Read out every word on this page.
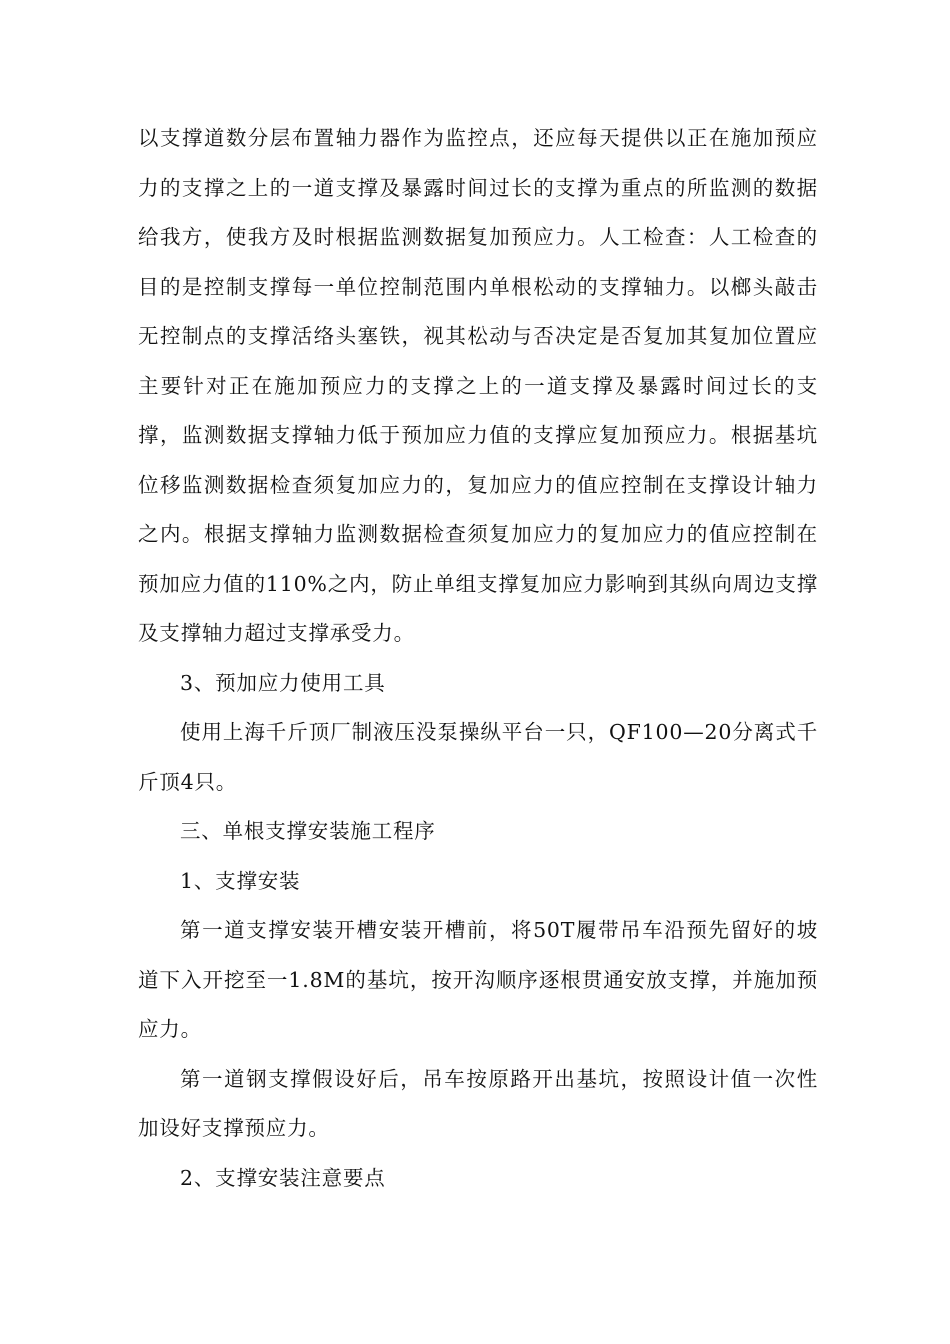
以支撑道数分层布置轴力器作为监控点，还应每天提供以正在施加预应力的支撑之上的一道支撑及暴露时间过长的支撑为重点的所监测的数据给我方，使我方及时根据监测数据复加预应力。人工检查：人工检查的目的是控制支撑每一单位控制范围内单根松动的支撑轴力。以榔头敲击无控制点的支撑活络头塞铁，视其松动与否决定是否复加其复加位置应主要针对正在施加预应力的支撑之上的一道支撑及暴露时间过长的支撑，监测数据支撑轴力低于预加应力值的支撑应复加预应力。根据基坑位移监测数据检查须复加应力的，复加应力的值应控制在支撑设计轴力之内。根据支撑轴力监测数据检查须复加应力的复加应力的值应控制在预加应力值的110%之内，防止单组支撑复加应力影响到其纵向周边支撑及支撑轴力超过支撑承受力。

3、预加应力使用工具

使用上海千斤顶厂制液压没泵操纵平台一只，QF100—20分离式千斤顶4只。

三、单根支撑安装施工程序

1、支撑安装

第一道支撑安装开槽安装开槽前，将50T履带吊车沿预先留好的坡道下入开挖至一1.8M的基坑，按开沟顺序逐根贯通安放支撑，并施加预应力。

第一道钢支撑假设好后，吊车按原路开出基坑，按照设计值一次性加设好支撑预应力。

2、支撑安装注意要点
